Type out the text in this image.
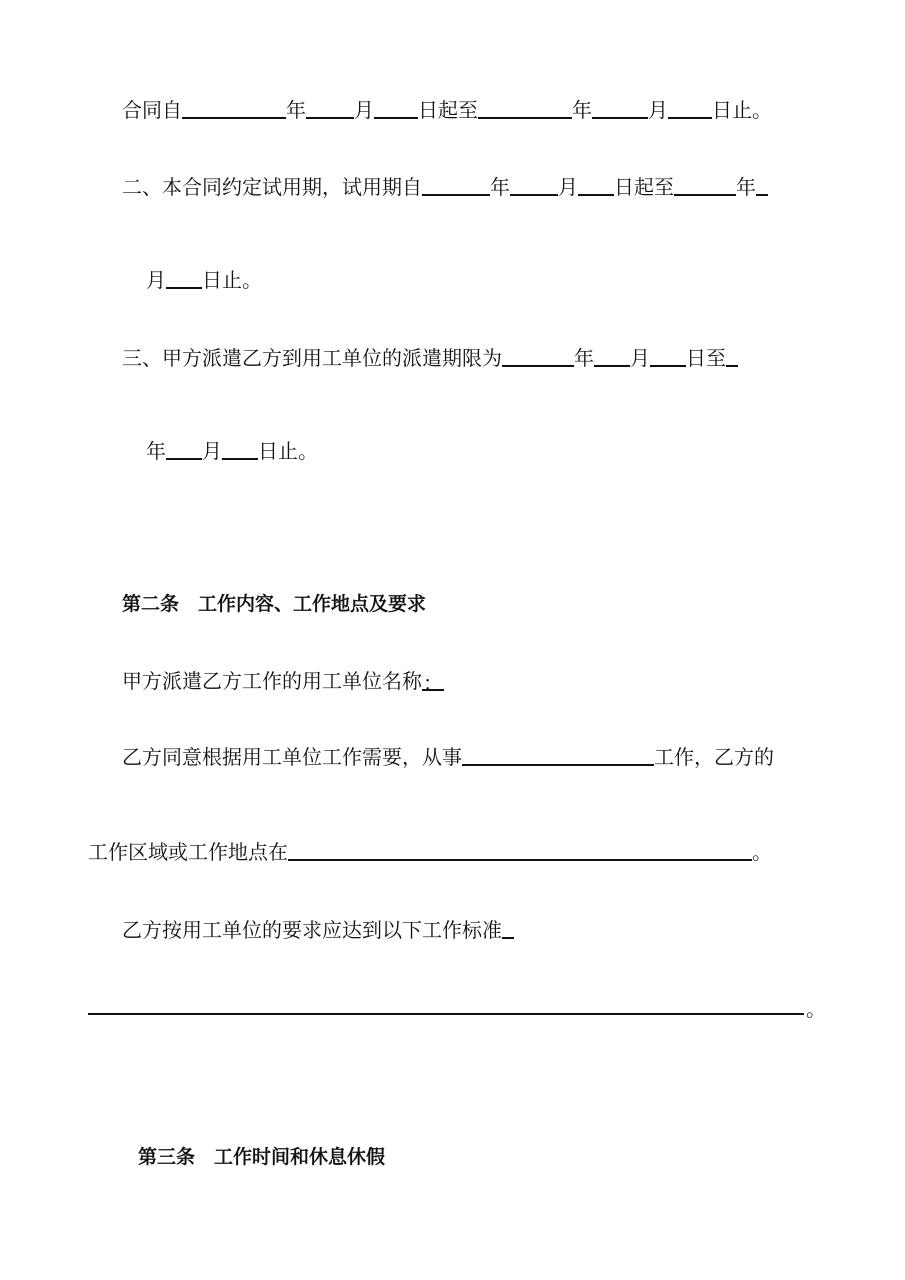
合同自	年 月 日起至	年	月 日止。
二、本合同约定试用期，试用期自	年 月 日起至	年
月 日止。
三、甲方派遣乙方到用工单位的派遣期限为	年 月 日至
年 月 日止。
第二条　工作内容、工作地点及要求
甲方派遣乙方工作的用工单位名称：
乙方同意根据用工单位工作需要，从事	工作，乙方的
工作区域或工作地点在	。
乙方按用工单位的要求应达到以下工作标准
。
第三条　工作时间和休息休假
